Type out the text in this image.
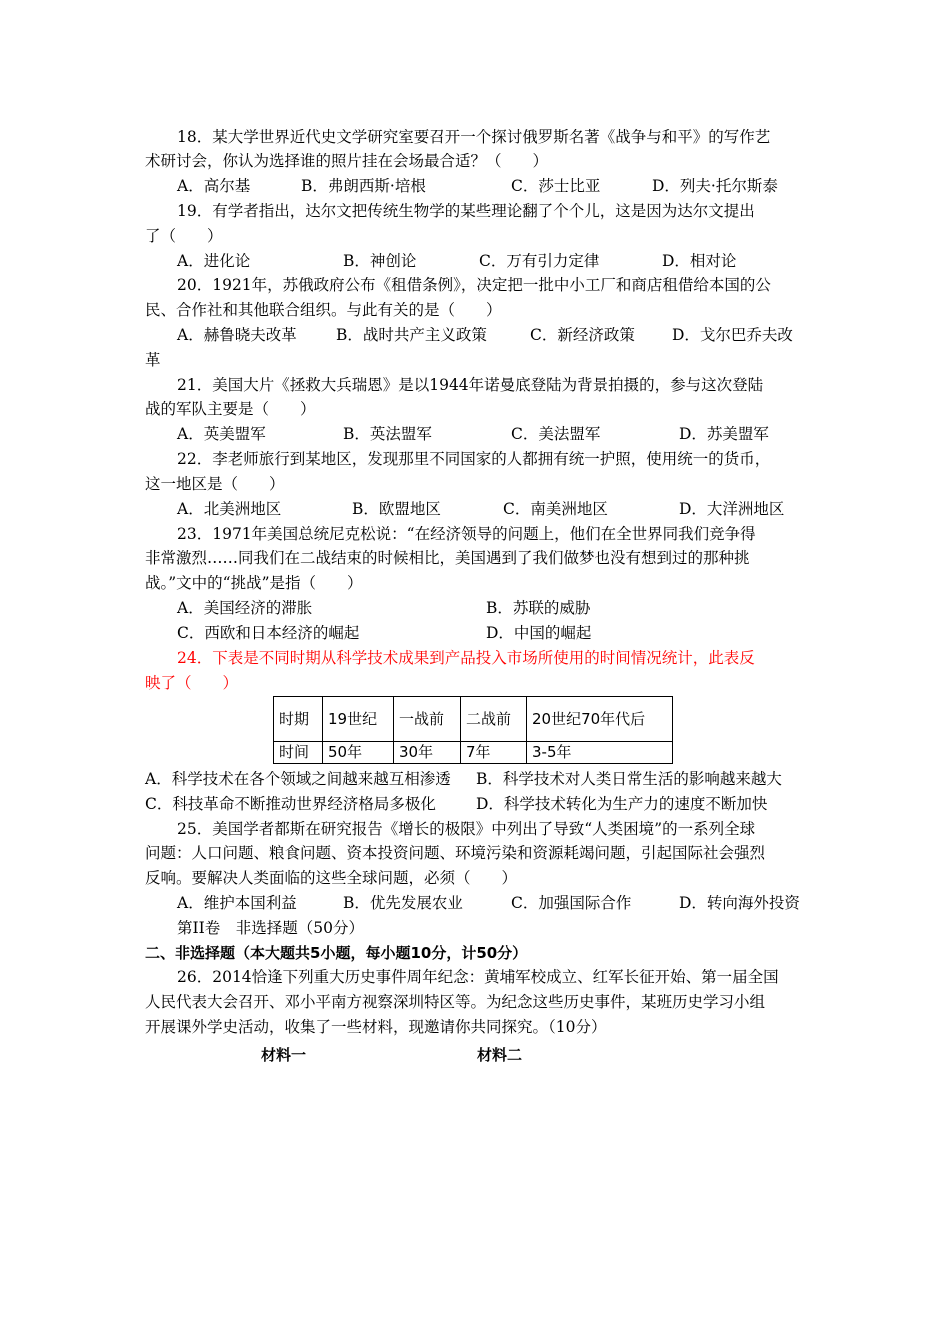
18．某大学世界近代史文学研究室要召开一个探讨俄罗斯名著《战争与和平》的写作艺
术研讨会，你认为选择谁的照片挂在会场最合适？（　　）
A．高尔基	B．弗朗西斯·培根	C．莎士比亚	D．列夫·托尔斯泰
19．有学者指出，达尔文把传统生物学的某些理论翻了个个儿，这是因为达尔文提出
了（　　）
A．进化论	B．神创论	C．万有引力定律	D．相对论
20．1921年，苏俄政府公布《租借条例》，决定把一批中小工厂和商店租借给本国的公
民、合作社和其他联合组织。与此有关的是（　　）
A．赫鲁晓夫改革	B．战时共产主义政策	C．新经济政策 D．戈尔巴乔夫改
革
21．美国大片《拯救大兵瑞恩》是以1944年诺曼底登陆为背景拍摄的，参与这次登陆
战的军队主要是（　　）
A．英美盟军	B．英法盟军	C．美法盟军	D．苏美盟军
22．李老师旅行到某地区，发现那里不同国家的人都拥有统一护照，使用统一的货币，
这一地区是（　　）
A．北美洲地区	B．欧盟地区	C．南美洲地区	D．大洋洲地区
23．1971年美国总统尼克松说：“在经济领导的问题上，他们在全世界同我们竞争得
非常激烈……同我们在二战结束的时候相比，美国遇到了我们做梦也没有想到过的那种挑
战。”文中的“挑战”是指（　　）
A．美国经济的滞胀	B．苏联的威胁
C．西欧和日本经济的崛起	D．中国的崛起
24．下表是不同时期从科学技术成果到产品投入市场所使用的时间情况统计，此表反
映了（　　）
时期	19世纪	一战前	二战前	20世纪70年代后
时间	50年	30年	7年	3-5年
A．科学技术在各个领域之间越来越互相渗透 B．科学技术对人类日常生活的影响越来越大
C．科技革命不断推动世界经济格局多极化	D．科学技术转化为生产力的速度不断加快
25．美国学者都斯在研究报告《增长的极限》中列出了导致“人类困境”的一系列全球
问题：人口问题、粮食问题、资本投资问题、环境污染和资源耗竭问题，引起国际社会强烈
反响。要解决人类面临的这些全球问题，必须（　　）
A．维护本国利益	B．优先发展农业	C．加强国际合作	D．转向海外投资
第II卷　非选择题（50分）
二、非选择题（本大题共5小题，每小题10分，计50分）
26．2014恰逢下列重大历史事件周年纪念：黄埔军校成立、红军长征开始、第一届全国
人民代表大会召开、邓小平南方视察深圳特区等。为纪念这些历史事件，某班历史学习小组
开展课外学史活动，收集了一些材料，现邀请你共同探究。（10分）
材料一	材料二
